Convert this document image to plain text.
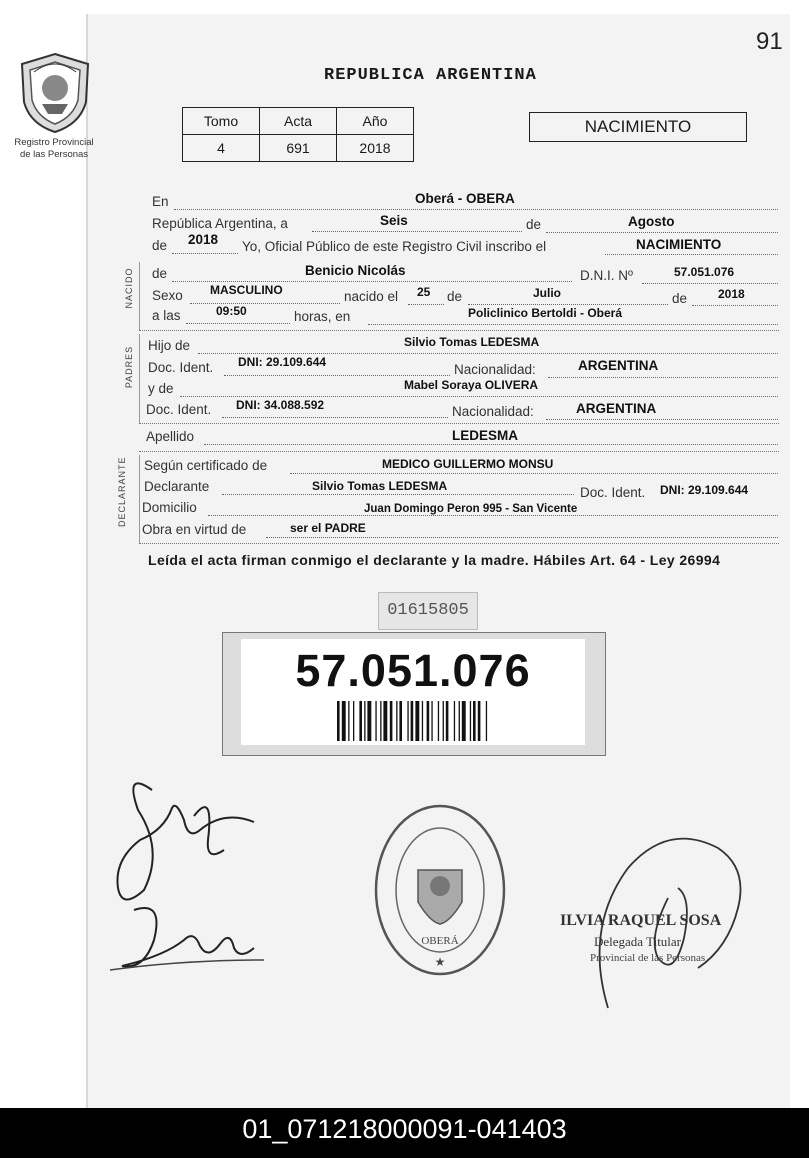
91
Registro Provincial
de las Personas
REPUBLICA ARGENTINA
Tomo	Acta	Año
4	691	2018
NACIMIENTO
En	Oberá - OBERA
República Argentina, a	Seis	de	Agosto
de 2018 Yo, Oficial Público de este Registro Civil inscribo el	NACIMIENTO
NACIDO de	Benicio Nicolás	D.N.I. Nº	57.051.076
Sexo MASCULINO	nacido el 25 de	Julio	de	2018
a las	09:50	horas, en	Policlinico Bertoldi - Oberá
PADRES
Hijo de	Silvio Tomas LEDESMA
Doc. Ident. DNI: 29.109.644	Nacionalidad:	ARGENTINA
y de	Mabel Soraya OLIVERA
Doc. Ident. DNI: 34.088.592	Nacionalidad:	ARGENTINA
Apellido	LEDESMA
DECLARANTE Según certificado de	MEDICO GUILLERMO MONSU
Declarante	Silvio Tomas LEDESMA	Doc. Ident. DNI: 29.109.644
Domicilio	Juan Domingo Peron 995 - San Vicente
Obra en virtud de	ser el PADRE
Leída el acta firman conmigo el declarante y la madre. Hábiles Art. 64 - Ley 26994
01615805
57.051.076
OBERÁ
★
ILVIA RAQUEL SOSA
Delegada Titular
Provincial de las Personas
01_071218000091-041403
